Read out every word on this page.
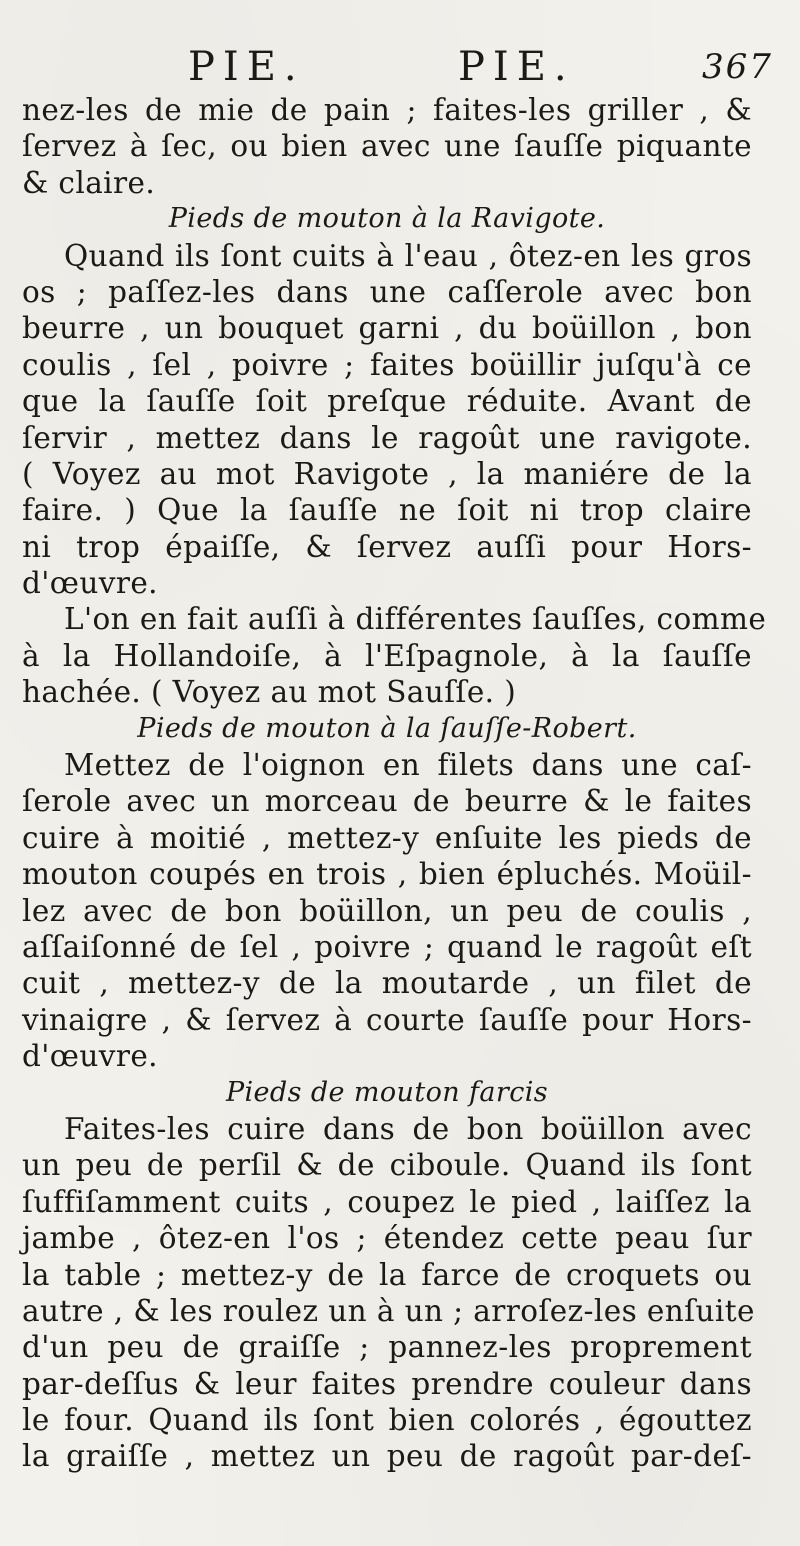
PIE.	PIE.	367
nez-les de mie de pain ; faites-les griller , &
ſervez à ſec, ou bien avec une ſauſſe piquante
& claire.
Pieds de mouton à la Ravigote.
Quand ils ſont cuits à l'eau , ôtez-en les gros
os ; paſſez-les dans une caſſerole avec bon
beurre , un bouquet garni , du boüillon , bon
coulis , ſel , poivre ; faites boüillir juſqu'à ce
que la ſauſſe ſoit preſque réduite. Avant de
ſervir , mettez dans le ragoût une ravigote.
( Voyez au mot Ravigote , la maniére de la
faire. ) Que la ſauſſe ne ſoit ni trop claire
ni trop épaiſſe, & ſervez auſſi pour Hors-
d'œuvre.
L'on en fait auſſi à différentes ſauſſes, comme
à la Hollandoiſe, à l'Eſpagnole, à la ſauſſe
hachée. ( Voyez au mot Sauſſe. )
Pieds de mouton à la ſauſſe-Robert.
Mettez de l'oignon en filets dans une caſ-
ſerole avec un morceau de beurre & le faites
cuire à moitié , mettez-y enſuite les pieds de
mouton coupés en trois , bien épluchés. Moüil-
lez avec de bon boüillon, un peu de coulis ,
aſſaiſonné de ſel , poivre ; quand le ragoût eſt
cuit , mettez-y de la moutarde , un filet de
vinaigre , & ſervez à courte ſauſſe pour Hors-
d'œuvre.
Pieds de mouton farcis
Faites-les cuire dans de bon boüillon avec
un peu de perſil & de ciboule. Quand ils ſont
ſuffiſamment cuits , coupez le pied , laiſſez la
jambe , ôtez-en l'os ; étendez cette peau ſur
la table ; mettez-y de la farce de croquets ou
autre , & les roulez un à un ; arroſez-les enſuite
d'un peu de graiſſe ; pannez-les proprement
par-deſſus & leur faites prendre couleur dans
le four. Quand ils ſont bien colorés , égouttez
la graiſſe , mettez un peu de ragoût par-deſ-
